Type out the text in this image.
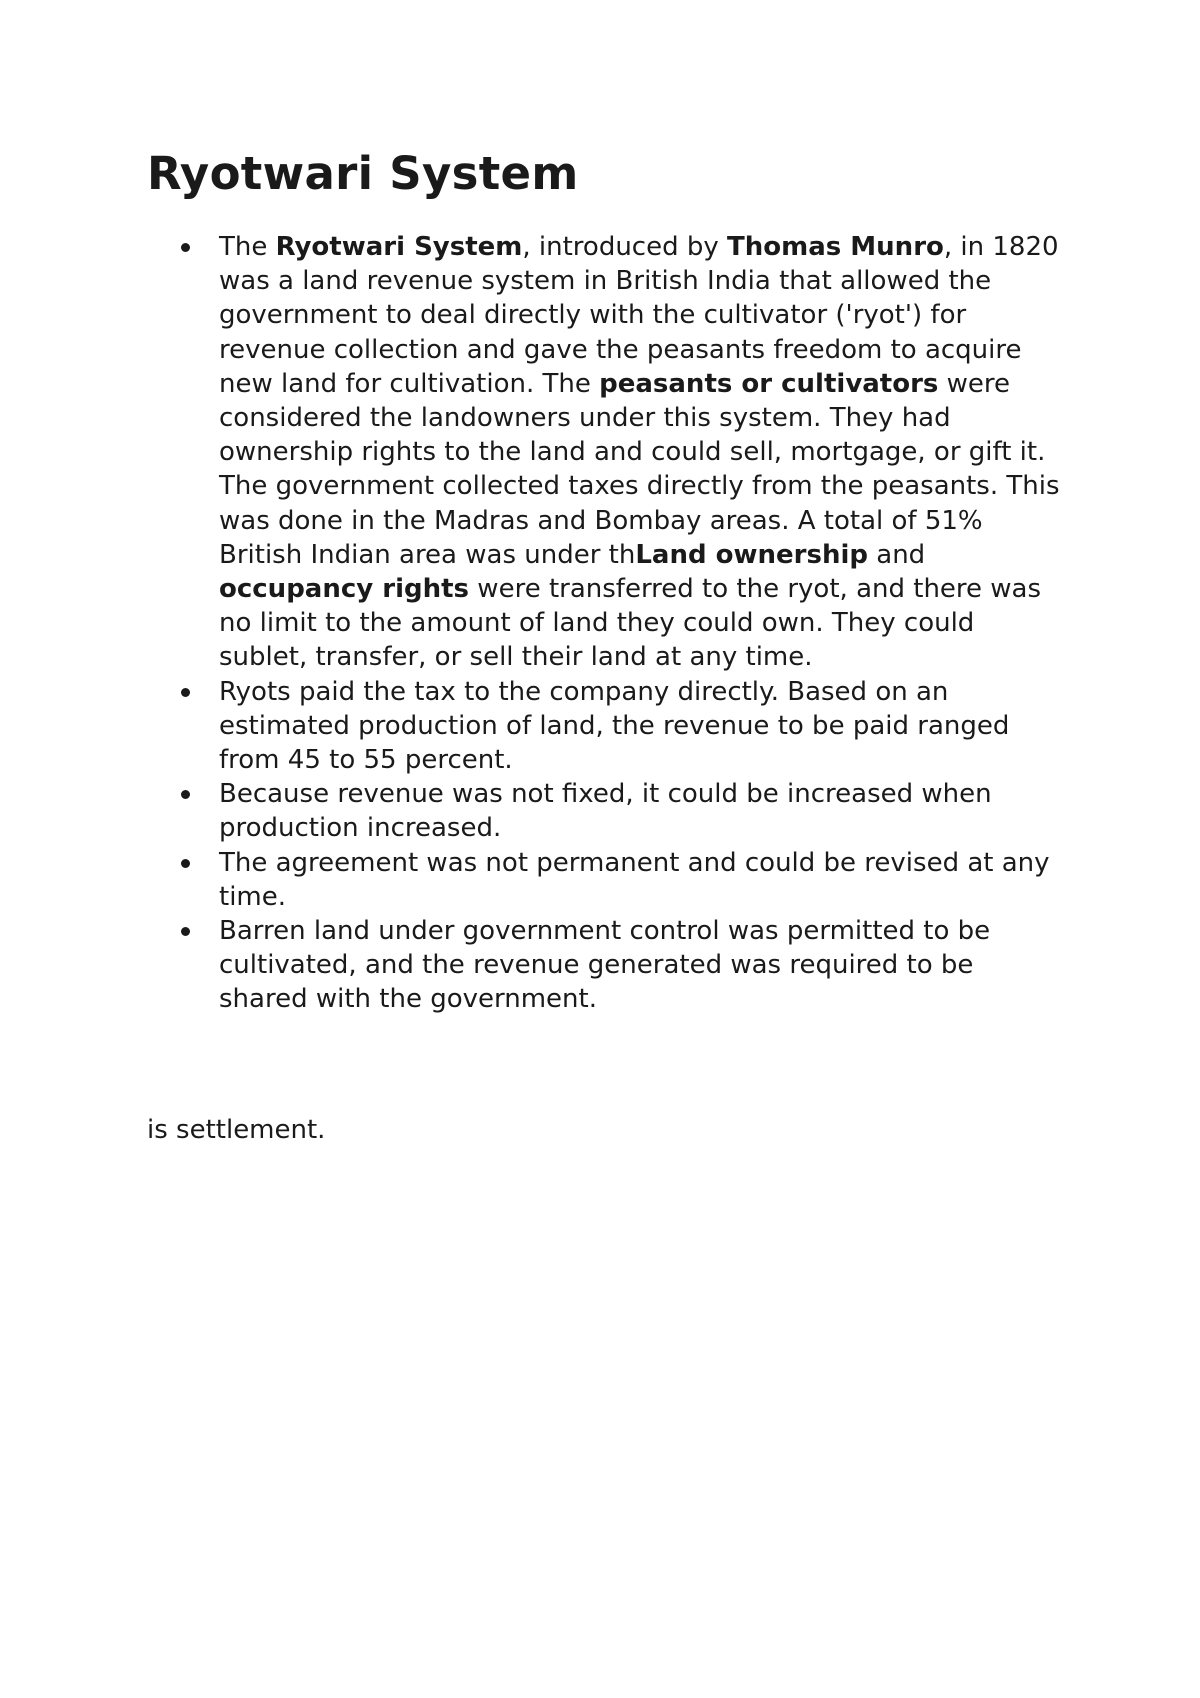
Ryotwari System
The Ryotwari System, introduced by Thomas Munro, in 1820 was a land revenue system in British India that allowed the government to deal directly with the cultivator ('ryot') for revenue collection and gave the peasants freedom to acquire new land for cultivation. The peasants or cultivators were considered the landowners under this system. They had ownership rights to the land and could sell, mortgage, or gift it. The government collected taxes directly from the peasants. This was done in the Madras and Bombay areas. A total of 51% British Indian area was under thLand ownership and occupancy rights were transferred to the ryot, and there was no limit to the amount of land they could own. They could sublet, transfer, or sell their land at any time.
Ryots paid the tax to the company directly. Based on an estimated production of land, the revenue to be paid ranged from 45 to 55 percent.
Because revenue was not fixed, it could be increased when production increased.
The agreement was not permanent and could be revised at any time.
Barren land under government control was permitted to be cultivated, and the revenue generated was required to be shared with the government.

is settlement.
